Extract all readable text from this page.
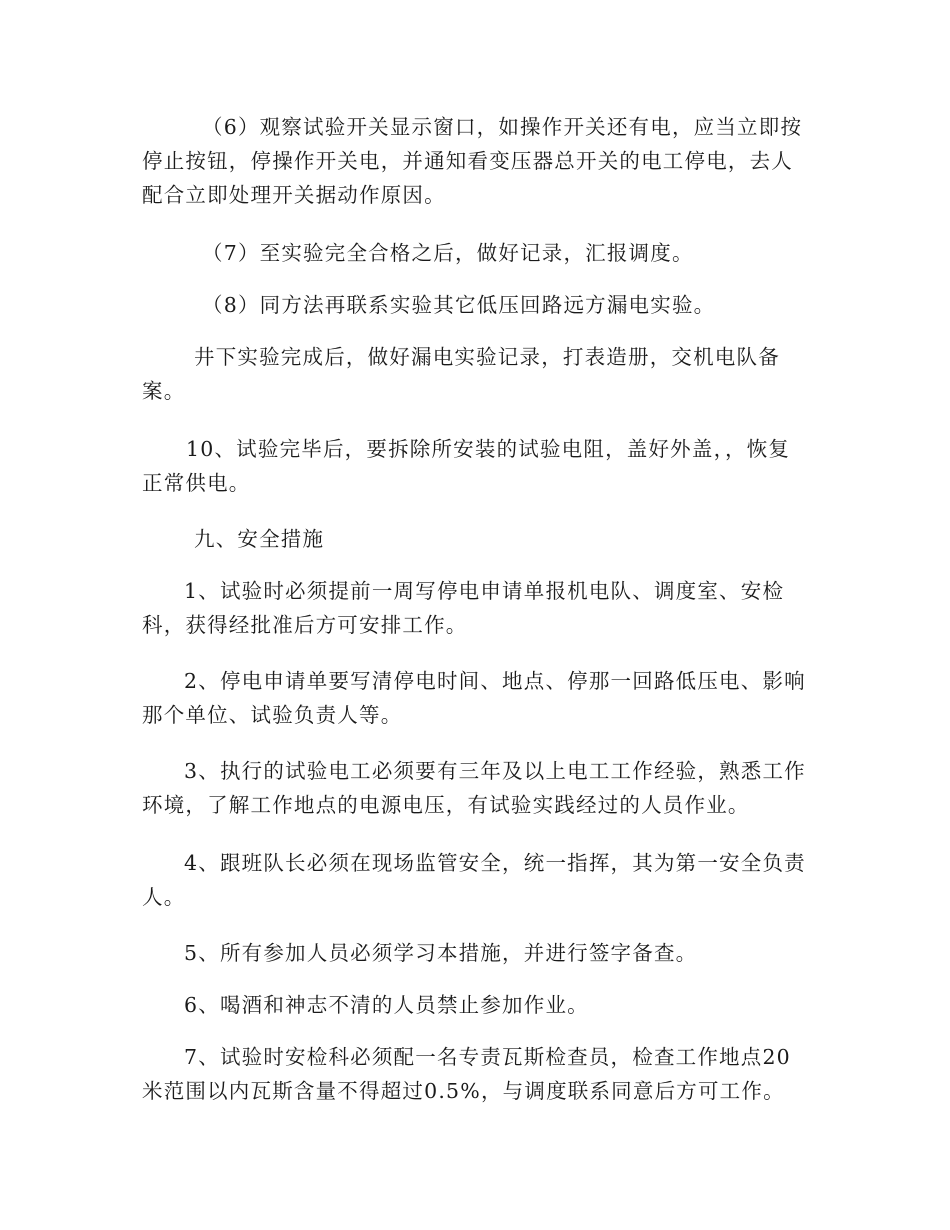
（6）观察试验开关显示窗口，如操作开关还有电，应当立即按
停止按钮，停操作开关电，并通知看变压器总开关的电工停电，去人
配合立即处理开关据动作原因。

（7）至实验完全合格之后，做好记录，汇报调度。

（8）同方法再联系实验其它低压回路远方漏电实验。

井下实验完成后，做好漏电实验记录，打表造册，交机电队备
案。

10、试验完毕后，要拆除所安装的试验电阻，盖好外盖，，恢复
正常供电。

九、安全措施

1、试验时必须提前一周写停电申请单报机电队、调度室、安检
科，获得经批准后方可安排工作。

2、停电申请单要写清停电时间、地点、停那一回路低压电、影响
那个单位、试验负责人等。

3、执行的试验电工必须要有三年及以上电工工作经验，熟悉工作
环境，了解工作地点的电源电压，有试验实践经过的人员作业。

4、跟班队长必须在现场监管安全，统一指挥，其为第一安全负责
人。

5、所有参加人员必须学习本措施，并进行签字备查。

6、喝酒和神志不清的人员禁止参加作业。

7、试验时安检科必须配一名专责瓦斯检查员，检查工作地点20
米范围以内瓦斯含量不得超过0.5%，与调度联系同意后方可工作。
